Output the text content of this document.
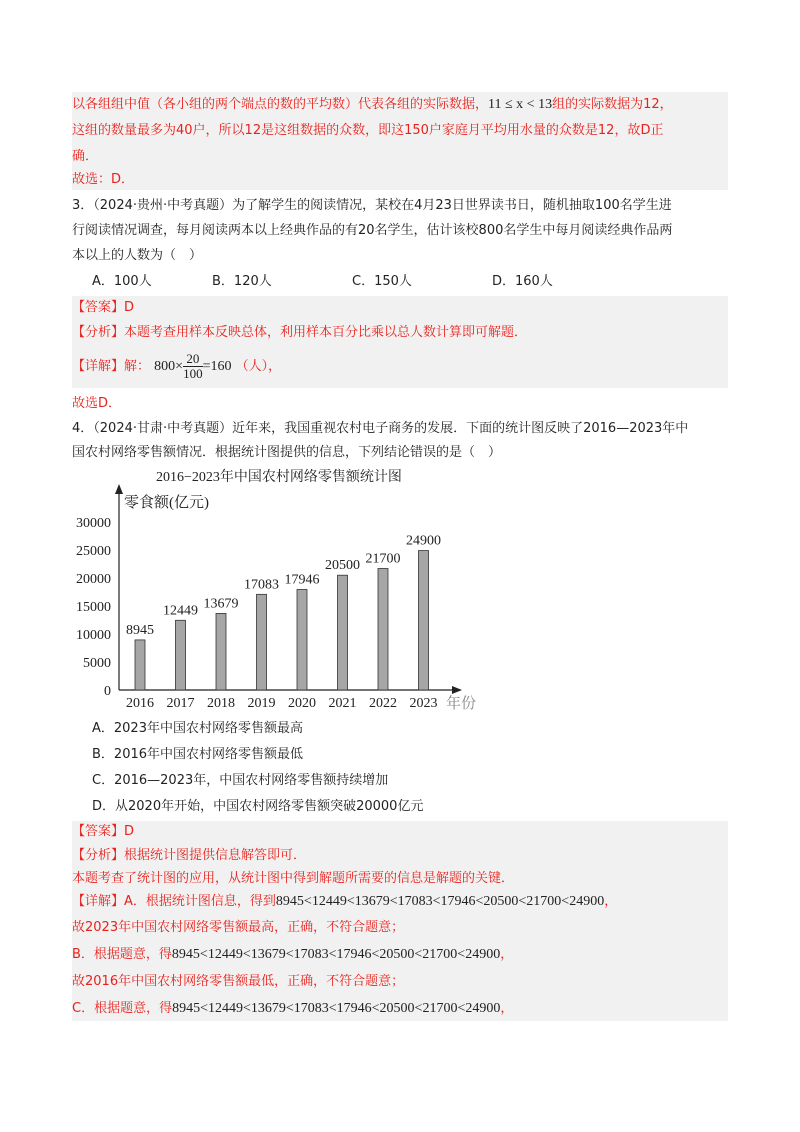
以各组组中值（各小组的两个端点的数的平均数）代表各组的实际数据，11 ≤ x < 13组的实际数据为12，
这组的数量最多为40户，所以12是这组数据的众数，即这150户家庭月平均用水量的众数是12，故D正
确．
故选：D．
3．（2024·贵州·中考真题）为了解学生的阅读情况，某校在4月23日世界读书日，随机抽取100名学生进
行阅读情况调查，每月阅读两本以上经典作品的有20名学生，估计该校800名学生中每月阅读经典作品两
本以上的人数为（　）
A．100人	B．120人	C．150人	D．160人
【答案】D
【分析】本题考查用样本反映总体，利用样本百分比乘以总人数计算即可解题．
【详解】解： $800\times \frac{20}{100} =160$ （人），
故选D．
4．（2024·甘肃·中考真题）近年来，我国重视农村电子商务的发展．下面的统计图反映了2016—2023年中
国农村网络零售额情况．根据统计图提供的信息，下列结论错误的是（　）
2016−2023年中国农村网络零售额统计图
零食额(亿元)
年份
0
5000
10000
15000
20000
25000
30000
8945
2016
12449
2017
13679
2018
17083
2019
17946
2020
20500
2021
21700
2022
24900
2023
A．2023年中国农村网络零售额最高
B．2016年中国农村网络零售额最低
C．2016—2023年，中国农村网络零售额持续增加
D．从2020年开始，中国农村网络零售额突破20000亿元
【答案】D
【分析】根据统计图提供信息解答即可．
本题考查了统计图的应用，从统计图中得到解题所需要的信息是解题的关键．
【详解】A．根据统计图信息，得到8945<12449<13679<17083<17946<20500<21700<24900，
故2023年中国农村网络零售额最高，正确，不符合题意；
B．根据题意，得8945<12449<13679<17083<17946<20500<21700<24900，
故2016年中国农村网络零售额最低，正确，不符合题意；
C．根据题意，得8945<12449<13679<17083<17946<20500<21700<24900，
